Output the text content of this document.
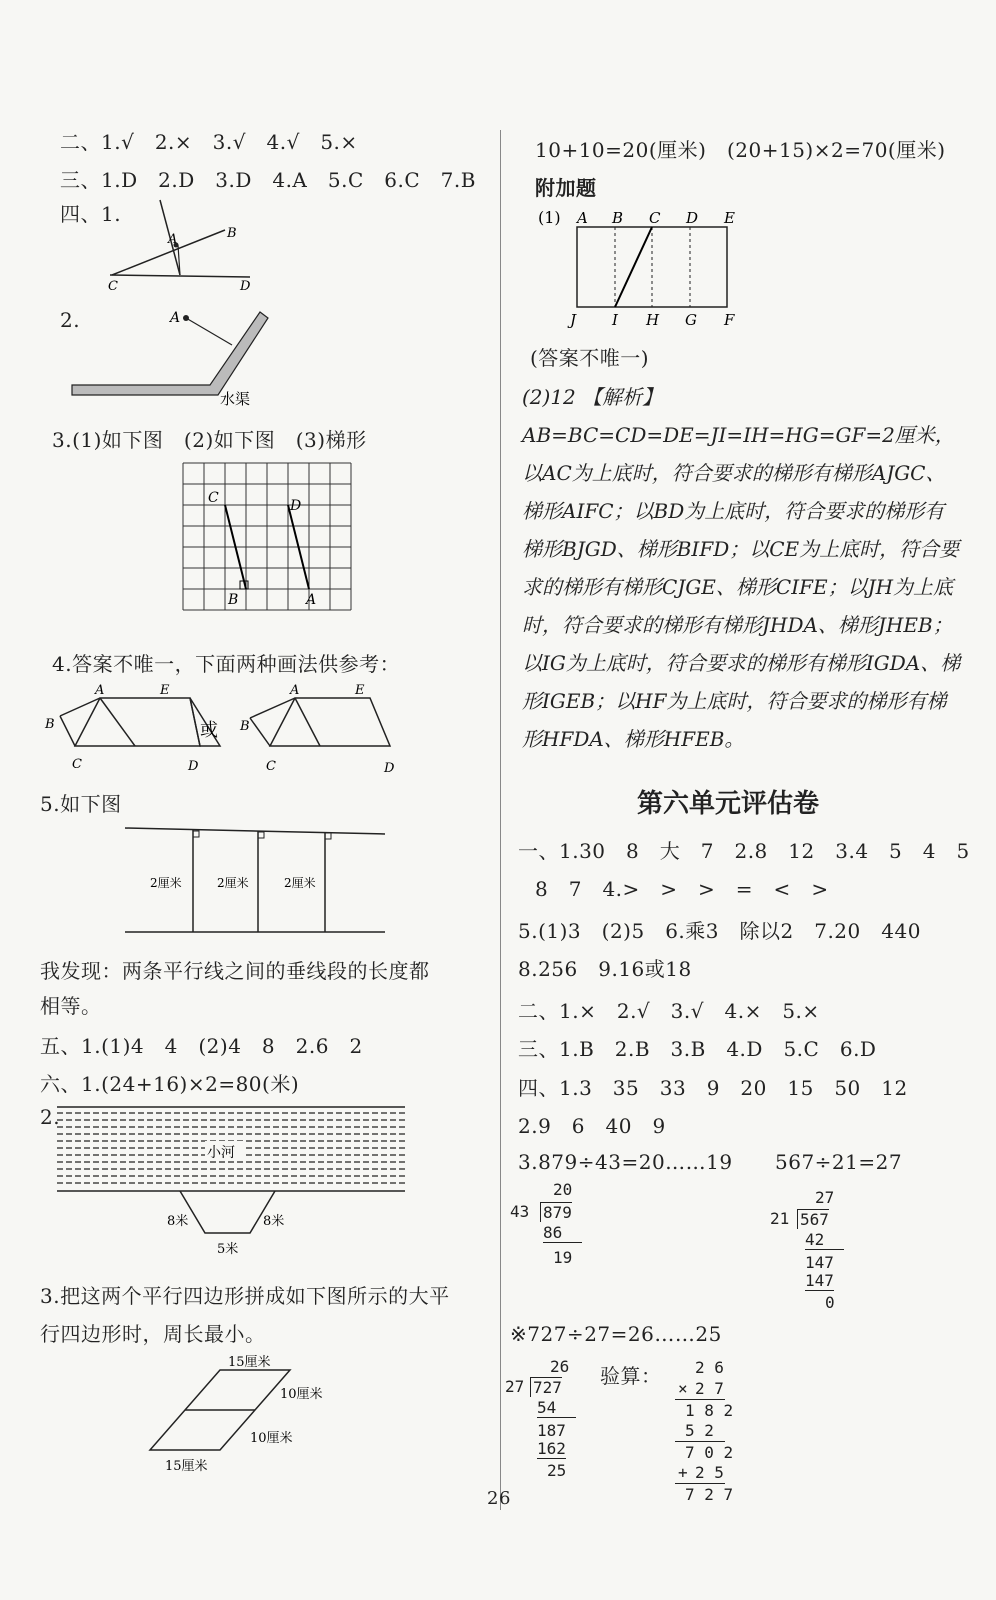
二、1.√　2.×　3.√　4.√　5.×
三、1.D　2.D　3.D　4.A　5.C　6.C　7.B
四、1.
A	B
C	D
2.	A
水渠
3.(1)如下图　(2)如下图　(3)梯形
C	D
B	A
4.答案不唯一，下面两种画法供参考：
A	E
B
C	D
或
A	E
B
C	D
5.如下图
2厘米	2厘米	2厘米
我发现：两条平行线之间的垂线段的长度都
相等。
五、1.(1)4　4　(2)4　8　2.6　2
六、1.(24+16)×2=80(米)
2.
小河
8米	8米
5米
3.把这两个平行四边形拼成如下图所示的大平
行四边形时，周长最小。
15厘米
10厘米
10厘米
15厘米
10+10=20(厘米)　(20+15)×2=70(厘米)
附加题
(1) A B C D E
J I H G F
(答案不唯一)
(2)12 【解析】AB=BC=CD=DE=JI=IH=HG=GF=2厘米，以AC为上底时，符合要求的梯形有梯形AJGC、梯形AIFC；以BD为上底时，符合要求的梯形有梯形BJGD、梯形BIFD；以CE为上底时，符合要求的梯形有梯形CJGE、梯形CIFE；以JH为上底时，符合要求的梯形有梯形JHDA、梯形JHEB；以IG为上底时，符合要求的梯形有梯形IGDA、梯形IGEB；以HF为上底时，符合要求的梯形有梯形HFDA、梯形HFEB。
第六单元评估卷
一、1.30　8　大　7　2.8　12　3.4　5　4　5
8　7　4.>　>　>　=　<　>
5.(1)3　(2)5　6.乘3　除以2　7.20　440
8.256　9.16或18
二、1.×　2.√　3.√　4.×　5.×
三、1.B　2.B　3.B　4.D　5.C　6.D
四、1.3　35　33　9　20　15　50　12
2.9　6　40　9
3.879÷43=20……19 567÷21=27
20
43 879
86
19
27
21 567
42
147
147
0
※727÷27=26……25
26
27 727
54
187
162
25
验算： 2 6
× 2 7
1 8 2
5 2
7 0 2
+ 2 5
7 2 7
26
